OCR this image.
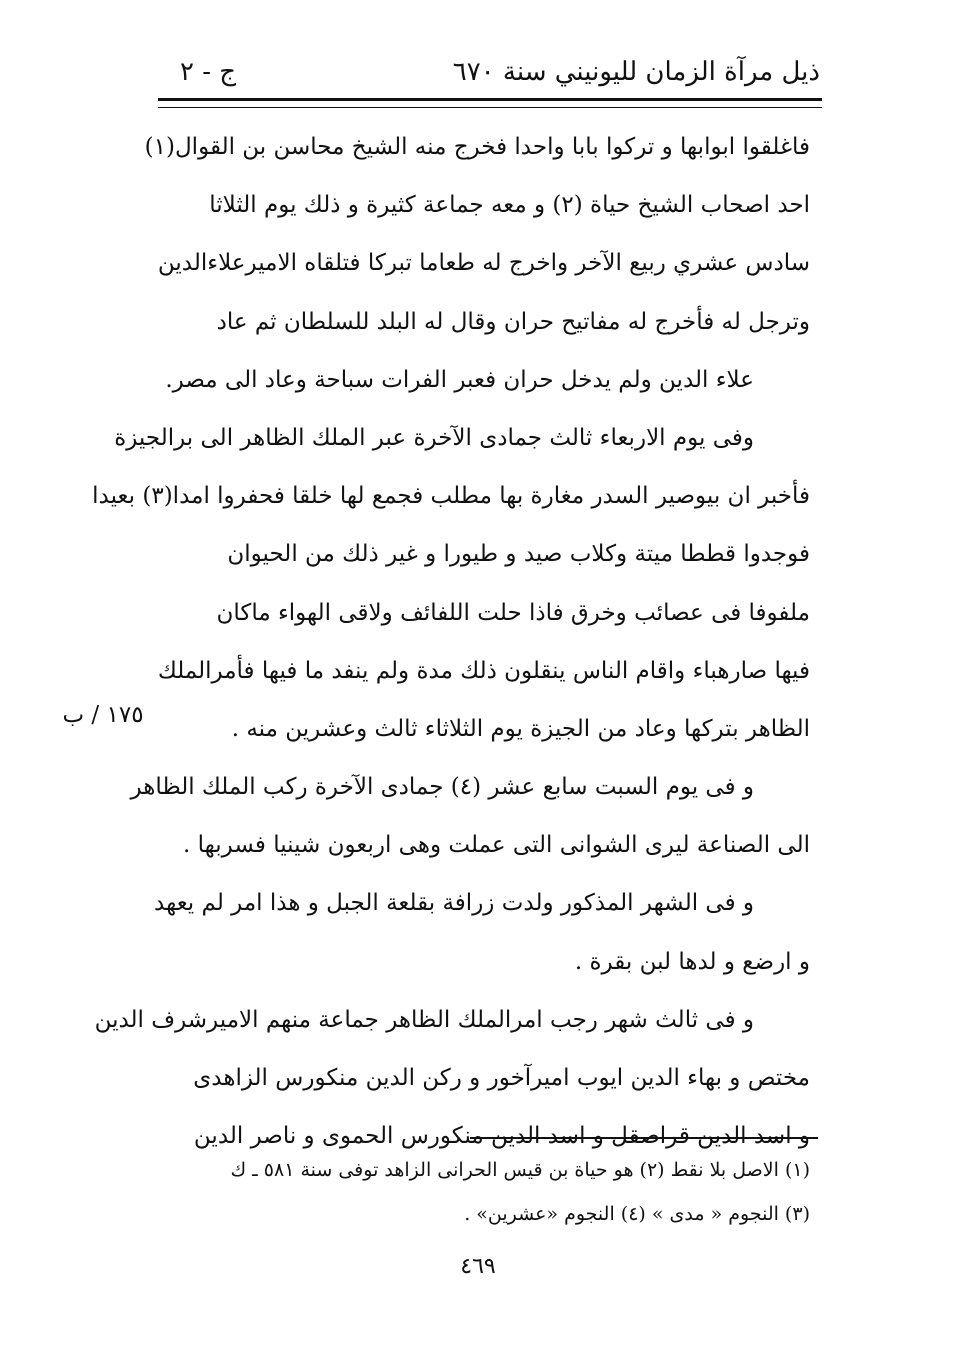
ذيل مرآة الزمان لليونيني سنة ٦٧٠
ج - ٢
فاغلقوا ابوابها و تركوا بابا واحدا فخرج منه الشيخ محاسن بن القوال(١)
احد اصحاب الشيخ حياة (٢) و معه جماعة كثيرة و ذلك يوم الثلاثا
سادس عشري ربيع الآخر واخرج له طعاما تبركا فتلقاه الاميرعلاءالدين
وترجل له فأخرج له مفاتيح حران وقال له البلد للسلطان ثم عاد
علاء الدين ولم يدخل حران فعبر الفرات سباحة وعاد الى مصر.
وفى يوم الاربعاء ثالث جمادى الآخرة عبر الملك الظاهر الى برالجيزة
فأخبر ان بيوصير السدر مغارة بها مطلب فجمع لها خلقا فحفروا امدا(٣) بعيدا
فوجدوا قططا ميتة وكلاب صيد و طيورا و غير ذلك من الحيوان
ملفوفا فى عصائب وخرق فاذا حلت اللفائف ولاقى الهواء ماكان
فيها صارهباء واقام الناس ينقلون ذلك مدة ولم ينفد ما فيها فأمرالملك
الظاهر بتركها وعاد من الجيزة يوم الثلاثاء ثالث وعشرين منه .
و فى يوم السبت سابع عشر (٤) جمادى الآخرة ركب الملك الظاهر
الى الصناعة ليرى الشوانى التى عملت وهى اربعون شينيا فسربها .
و فى الشهر المذكور ولدت زرافة بقلعة الجبل و هذا امر لم يعهد
و ارضع و لدها لبن بقرة .
و فى ثالث شهر رجب امرالملك الظاهر جماعة منهم الاميرشرف الدين
مختص و بهاء الدين ايوب اميرآخور و ركن الدين منكورس الزاهدى
و اسد الدين قراصقل و اسد الدين منكورس الحموى و ناصر الدين
١٧٥ / ب
(١) الاصل بلا نقط (٢) هو حياة بن قيس الحرانى الزاهد توفى سنة ٥٨١ ـ ك
(٣) النجوم « مدى » (٤) النجوم «عشرين» .
٤٦٩
